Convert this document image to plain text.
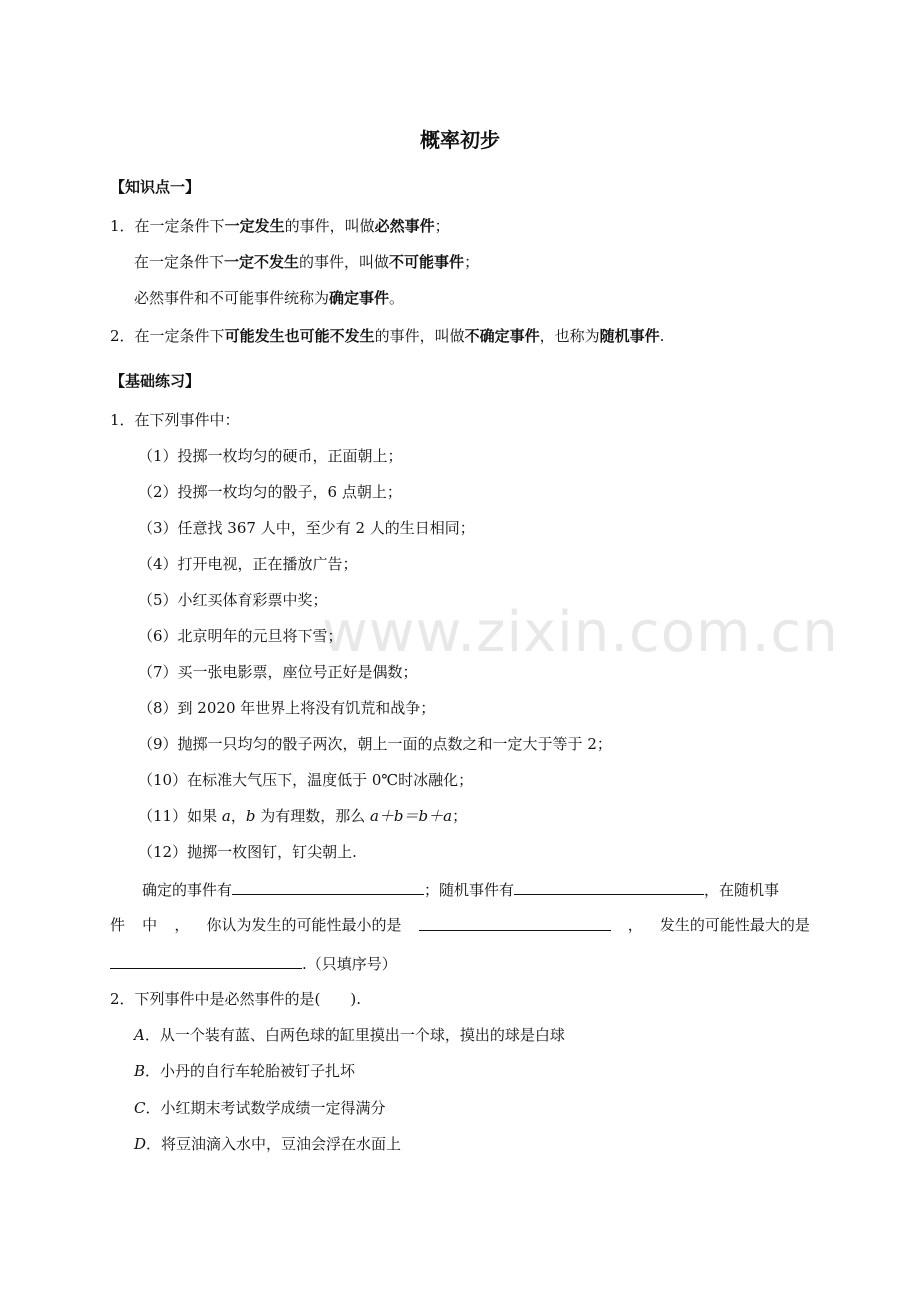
www.zixin.com.cn
概率初步
【知识点一】
1．在一定条件下一定发生的事件，叫做必然事件；
在一定条件下一定不发生的事件，叫做不可能事件；
必然事件和不可能事件统称为确定事件。
2．在一定条件下可能发生也可能不发生的事件，叫做不确定事件，也称为随机事件.
【基础练习】
1．在下列事件中：
（1）投掷一枚均匀的硬币，正面朝上；
（2）投掷一枚均匀的骰子，6 点朝上；
（3）任意找 367 人中，至少有 2 人的生日相同；
（4）打开电视，正在播放广告；
（5）小红买体育彩票中奖；
（6）北京明年的元旦将下雪；
（7）买一张电影票，座位号正好是偶数；
（8）到 2020 年世界上将没有饥荒和战争；
（9）抛掷一只均匀的骰子两次，朝上一面的点数之和一定大于等于 2；
（10）在标准大气压下，温度低于 0℃时冰融化；
（11）如果 a，b 为有理数，那么 a＋b＝b＋a；
（12）抛掷一枚图钉，钉尖朝上.
确定的事件有	；随机事件有	，在随机事
件 中 ， 你认为发生的可能性最小的是	， 发生的可能性最大的是
.（只填序号）
2．下列事件中是必然事件的是(　　).
A．从一个装有蓝、白两色球的缸里摸出一个球，摸出的球是白球
B．小丹的自行车轮胎被钉子扎坏
C．小红期末考试数学成绩一定得满分
D．将豆油滴入水中，豆油会浮在水面上
